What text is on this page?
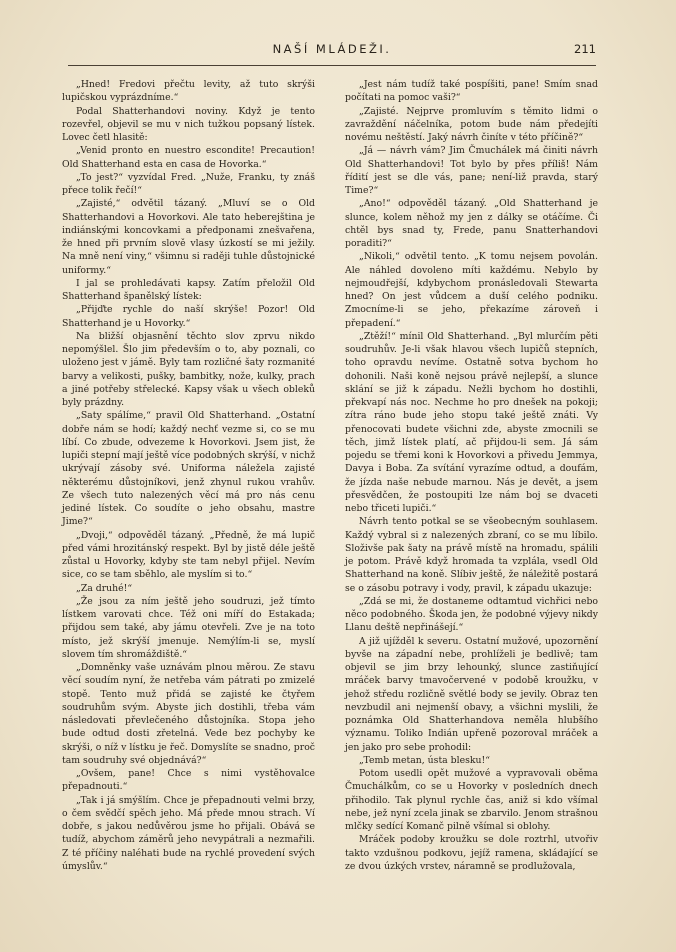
NAŠÍ MLÁDEŽI.	211

„Hned! Fredovi přečtu levity, až tuto skrýši lupičskou vyprázdníme.“

Podal Shatterhandovi noviny. Když je tento rozevřel, objevil se mu v nich tužkou popsaný lístek. Lovec četl hlasitě:

„Venid pronto en nuestro escondite! Precaution! Old Shatterhand esta en casa de Hovorka.“

„To jest?“ vyzvídal Fred. „Nuže, Franku, ty znáš přece tolik řečí!“

„Zajisté,“ odvětil tázaný. „Mluví se o Old Shatterhandovi a Hovorkovi. Ale tato heberejština je indiánskými koncovkami a předponami znešvařena, že hned při prvním slově vlasy úzkostí se mi ježily. Na mně není viny,“ všimnu si raději tuhle důstojnické uniformy.“

I jal se prohledávati kapsy. Zatím přeložil Old Shatterhand španělský lístek:

„Přijďte rychle do naší skrýše! Pozor! Old Shatterhand je u Hovorky.“

Na bližší objasnění těchto slov zprvu nikdo nepomýšlel. Šlo jim především o to, aby poznali, co uloženo jest v jámě. Byly tam rozličné šaty rozmanité barvy a velikosti, pušky, bambitky, nože, kulky, prach a jiné potřeby střelecké. Kapsy však u všech obleků byly prázdny.

„Saty spálíme,“ pravil Old Shatterhand. „Ostatní dobře nám se hodí; každý nechť vezme si, co se mu líbí. Co zbude, odvezeme k Hovorkovi. Jsem jist, že lupiči stepní mají ještě více podobných skrýší, v nichž ukrývají zásoby své. Uniforma náležela zajisté některému důstojníkovi, jenž zhynul rukou vrahův. Ze všech tuto nalezených věcí má pro nás cenu jediné lístek. Co soudíte o jeho obsahu, mastre Jime?“

„Dvoji,“ odpověděl tázaný. „Předně, že má lupič před vámi hrozitánský respekt. Byl by jistě déle ještě zůstal u Hovorky, kdyby ste tam nebyl přijel. Nevím sice, co se tam sběhlo, ale myslím si to.“

„Za druhé!“

„Že jsou za ním ještě jeho soudruzi, jež tímto lístkem varovati chce. Též oni míří do Estakada; přijdou sem také, aby jámu otevřeli. Zve je na toto místo, jež skrýší jmenuje. Nemýlím-li se, myslí slovem tím shromáždiště.“

„Domněnky vaše uznávám plnou měrou. Ze stavu věcí soudím nyní, že netřeba vám pátrati po zmizelé stopě. Tento muž přidá se zajisté ke čtyřem soudruhům svým. Abyste jich dostihli, třeba vám následovati převlečeného důstojníka. Stopa jeho bude odtud dosti zřetelná. Vede bez pochyby ke skrýši, o níž v lístku je řeč. Domyslíte se snadno, proč tam soudruhy své objednává?“

„Ovšem, pane! Chce s nimi vystěhovalce přepadnouti.“

„Tak i já smýšlím. Chce je přepadnouti velmi brzy, o čem svědčí spěch jeho. Má přede mnou strach. Ví dobře, s jakou nedůvěrou jsme ho přijali. Obává se tudíž, abychom záměrů jeho nevypátrali a nezmařili. Z té příčiny naléhati bude na rychlé provedení svých úmyslův.“

„Jest nám tudíž také pospíšiti, pane! Smím snad počítati na pomoc vaši?“

„Zajisté. Nejprve promluvím s těmito lidmi o zavraždění náčelníka, potom bude nám předejíti novému neštěstí. Jaký návrh činíte v této příčině?“

„Já — návrh vám? Jim Čmuchálek má činiti návrh Old Shatterhandovi! Tot bylo by přes příliš! Nám řídití jest se dle vás, pane; není-liž pravda, starý Time?“

„Ano!“ odpověděl tázaný. „Old Shatterhand je slunce, kolem něhož my jen z dálky se otáčíme. Či chtěl bys snad ty, Frede, panu Snatterhandovi poraditi?“

„Nikoli,“ odvětil tento. „K tomu nejsem povolán. Ale náhled dovoleno míti každému. Nebylo by nejmoudřejší, kdybychom pronásledovali Stewarta hned? On jest vůdcem a duší celého podniku. Zmocníme-li se jeho, překazíme zároveň i přepadení.“

„Ztěží!“ mínil Old Shatterhand. „Byl mlurčím pěti soudruhův. Je-li však hlavou všech lupičů stepních, toho opravdu nevíme. Ostatně sotva bychom ho dohonili. Naši koně nejsou právě nejlepší, a slunce sklání se již k západu. Nežli bychom ho dostihli, překvapí nás noc. Nechme ho pro dnešek na pokoji; zítra ráno bude jeho stopu také ještě znáti. Vy přenocovati budete všichni zde, abyste zmocnili se těch, jimž lístek platí, ač přijdou-li sem. Já sám pojedu se třemi koni k Hovorkovi a přivedu Jemmya, Davya i Boba. Za svítání vyrazíme odtud, a doufám, že jízda naše nebude marnou. Nás je devět, a jsem přesvědčen, že postoupiti lze nám boj se dvaceti nebo třiceti lupiči.“

Návrh tento potkal se se všeobecným souhlasem. Každý vybral si z nalezených zbraní, co se mu líbilo. Složivše pak šaty na právě místě na hromadu, spálili je potom. Právě když hromada ta vzplála, vsedl Old Shatterhand na koně. Slíbiv ještě, že náležitě postará se o zásobu potravy i vody, pravil, k západu ukazuje:

„Zdá se mi, že dostaneme odtamtud vichřici nebo něco podobného. Škoda jen, že podobné výjevy nikdy Llanu deště nepřinášejí.“

A již ujížděl k severu. Ostatní mužové, upozornění byvše na západní nebe, prohlíželi je bedlivě; tam objevil se jim brzy lehounký, slunce zastiňující mráček barvy tmavočervené v podobě kroužku, v jehož středu rozličně světlé body se jevily. Obraz ten nevzbudil ani nejmenší obavy, a všichni myslili, že poznámka Old Shatterhandova neměla hlubšího významu. Toliko Indián upřeně pozoroval mráček a jen jako pro sebe prohodil:

„Temb metan, ústa blesku!“

Potom usedli opět mužové a vypravovali oběma Čmuchálkům, co se u Hovorky v posledních dnech přihodilo. Tak plynul rychle čas, aniž si kdo všímal nebe, jež nyní zcela jinak se zbarvilo. Jenom strašnou mlčky sedící Komanč pilně všímal si oblohy.

Mráček podoby kroužku se dole roztrhl, utvořiv takto vzdušnou podkovu, jejíž ramena, skládající se ze dvou úzkých vrstev, náramně se prodlužovala,
